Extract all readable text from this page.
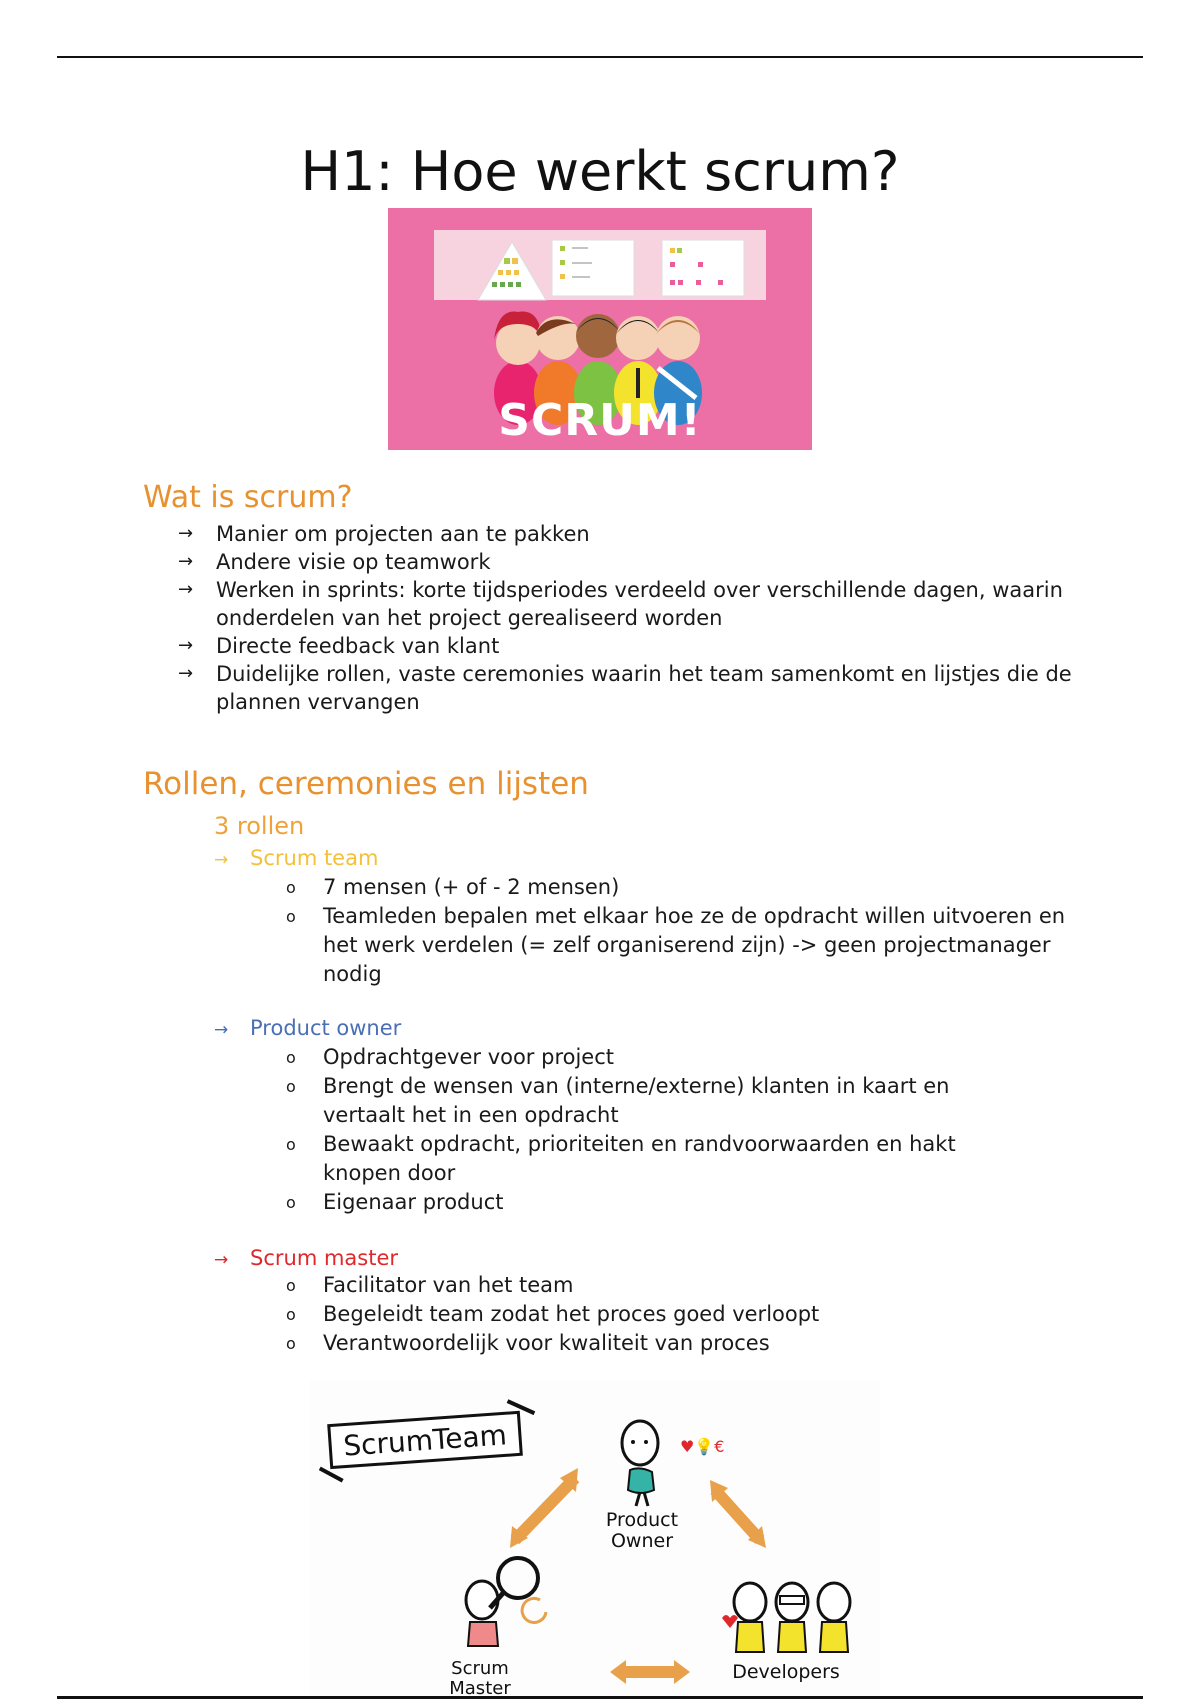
H1: Hoe werkt scrum?
SCRUM!
Wat is scrum?
→ Manier om projecten aan te pakken
→ Andere visie op teamwork
→ Werken in sprints: korte tijdsperiodes verdeeld over verschillende dagen, waarin onderdelen van het project gerealiseerd worden
→ Directe feedback van klant
→ Duidelijke rollen, vaste ceremonies waarin het team samenkomt en lijstjes die de plannen vervangen
Rollen, ceremonies en lijsten
3 rollen
→ Scrum team
o 7 mensen (+ of - 2 mensen)
o Teamleden bepalen met elkaar hoe ze de opdracht willen uitvoeren en het werk verdelen (= zelf organiserend zijn) -> geen projectmanager nodig
→ Product owner
o Opdrachtgever voor project
o Brengt de wensen van (interne/externe) klanten in kaart en vertaalt het in een opdracht
o Bewaakt opdracht, prioriteiten en randvoorwaarden en hakt knopen door
o Eigenaar product
→ Scrum master
o Facilitator van het team
o Begeleidt team zodat het proces goed verloopt
o Verantwoordelijk voor kwaliteit van proces
ScrumTeam	♥💡€
Product
Owner
Scrum
Master
Developers
